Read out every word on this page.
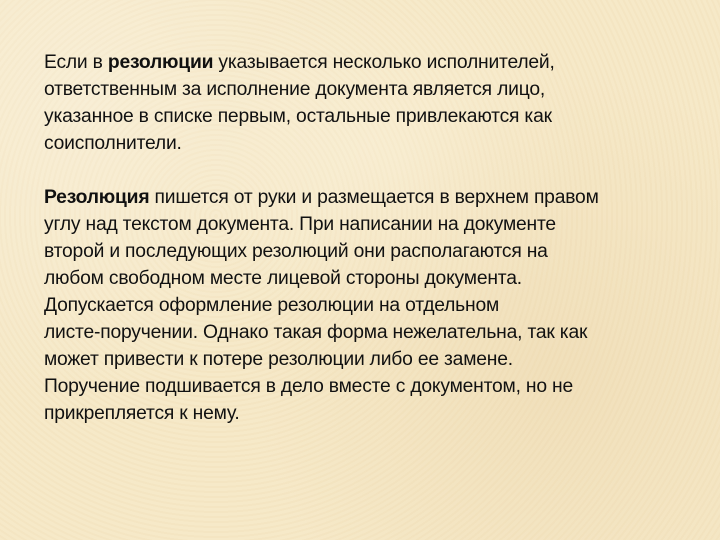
Если в резолюции указывается несколько исполнителей,
ответственным за исполнение документа является лицо,
указанное в списке первым, остальные привлекаются как
соисполнители.
Резолюция пишется от руки и размещается в верхнем правом
углу над текстом документа. При написании на документе
второй и последующих резолюций они располагаются на
любом свободном месте лицевой стороны документа.
Допускается оформление резолюции на отдельном
листе-поручении. Однако такая форма нежелательна, так как
может привести к потере резолюции либо ее замене.
Поручение подшивается в дело вместе с документом, но не
прикрепляется к нему.
